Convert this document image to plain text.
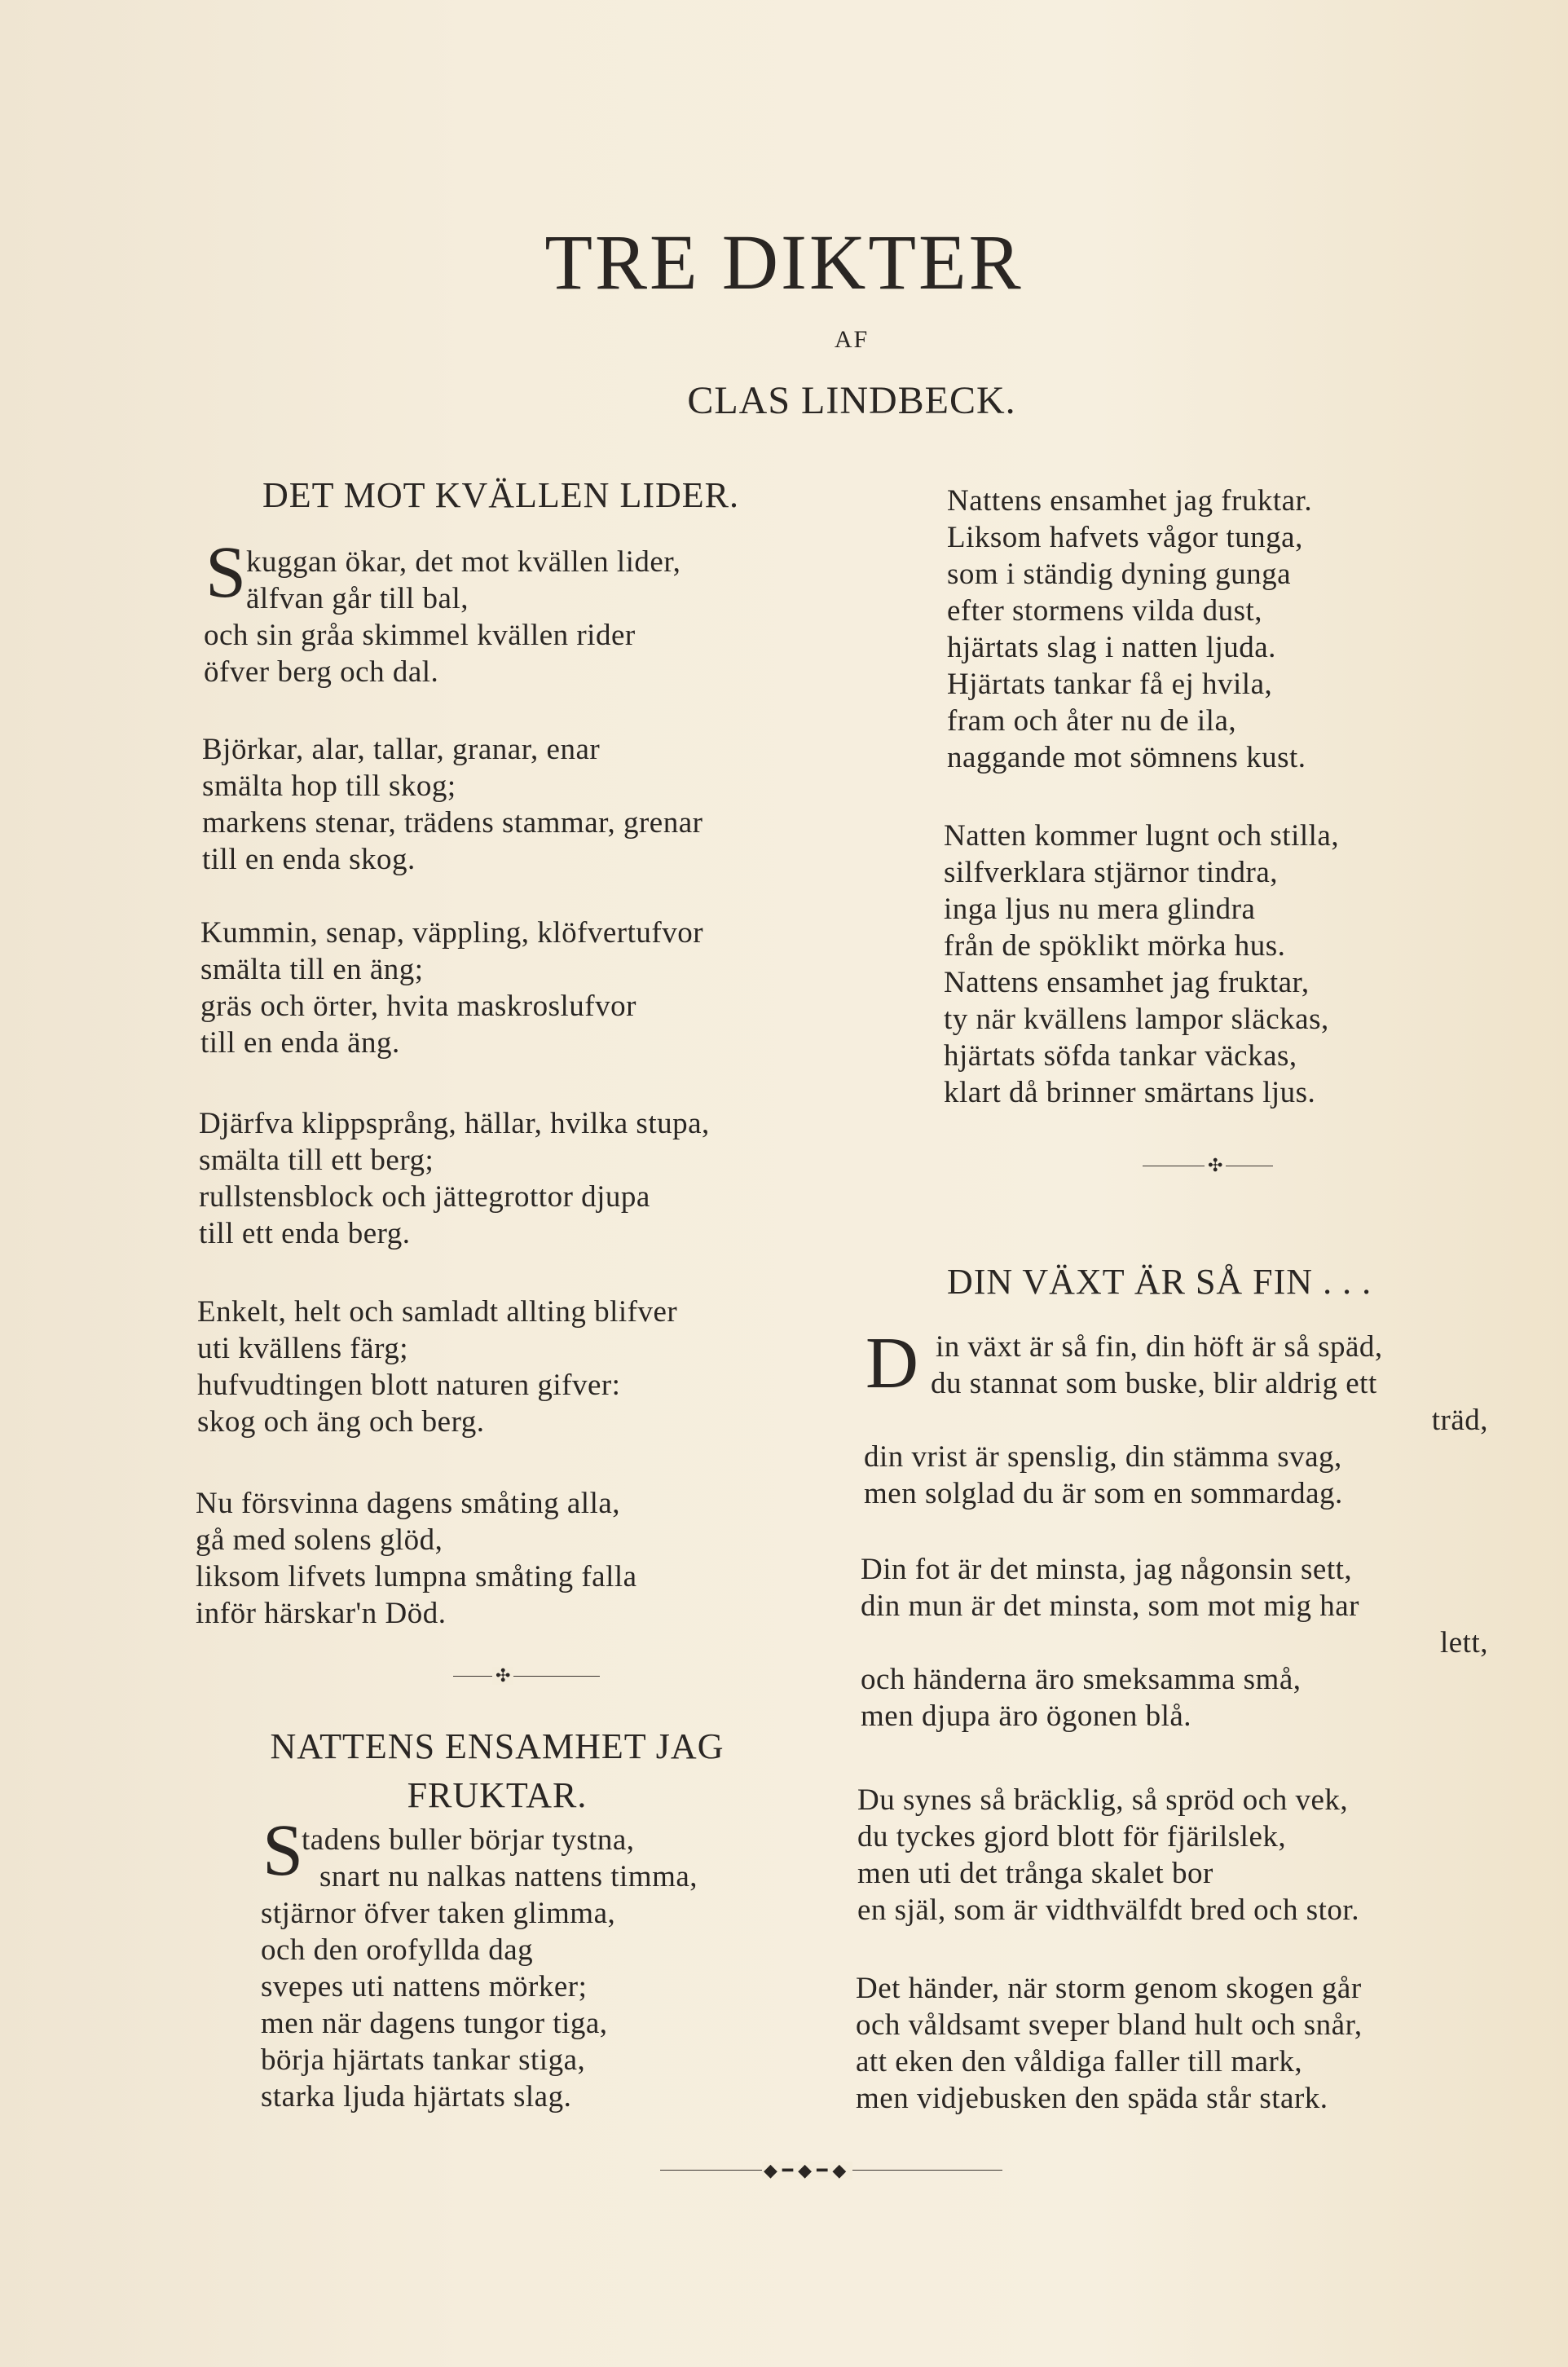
TRE DIKTER
AF
CLAS LINDBECK.
DET MOT KVÄLLEN LIDER.
S kuggan ökar, det mot kvällen lider,
älfvan går till bal,
och sin gråa skimmel kvällen rider
öfver berg och dal.
Björkar, alar, tallar, granar, enar
smälta hop till skog;
markens stenar, trädens stammar, grenar
till en enda skog.
Kummin, senap, väppling, klöfvertufvor
smälta till en äng;
gräs och örter, hvita maskroslufvor
till en enda äng.
Djärfva klippsprång, hällar, hvilka stupa,
smälta till ett berg;
rullstensblock och jättegrottor djupa
till ett enda berg.
Enkelt, helt och samladt allting blifver
uti kvällens färg;
hufvudtingen blott naturen gifver:
skog och äng och berg.
Nu försvinna dagens småting alla,
gå med solens glöd,
liksom lifvets lumpna småting falla
inför härskar'n Död.
✣
NATTENS ENSAMHET JAG
FRUKTAR.
S
tadens buller börjar tystna,
snart nu nalkas nattens timma,
stjärnor öfver taken glimma,
och den orofyllda dag
svepes uti nattens mörker;
men när dagens tungor tiga,
börja hjärtats tankar stiga,
starka ljuda hjärtats slag.
Nattens ensamhet jag fruktar.
Liksom hafvets vågor tunga,
som i ständig dyning gunga
efter stormens vilda dust,
hjärtats slag i natten ljuda.
Hjärtats tankar få ej hvila,
fram och åter nu de ila,
naggande mot sömnens kust.
Natten kommer lugnt och stilla,
silfverklara stjärnor tindra,
inga ljus nu mera glindra
från de spöklikt mörka hus.
Nattens ensamhet jag fruktar,
ty när kvällens lampor släckas,
hjärtats söfda tankar väckas,
klart då brinner smärtans ljus.
✣
DIN VÄXT ÄR SÅ FIN . . .
D in växt är så fin, din höft är så späd,
du stannat som buske, blir aldrig ett
träd,
din vrist är spenslig, din stämma svag,
men solglad du är som en sommardag.
Din fot är det minsta, jag någonsin sett,
din mun är det minsta, som mot mig har
lett,
och händerna äro smeksamma små,
men djupa äro ögonen blå.
Du synes så bräcklig, så spröd och vek,
du tyckes gjord blott för fjärilslek,
men uti det trånga skalet bor
en själ, som är vidthvälfdt bred och stor.
Det händer, när storm genom skogen går
och våldsamt sveper bland hult och snår,
att eken den våldiga faller till mark,
men vidjebusken den späda står stark.
◆━◆━◆
